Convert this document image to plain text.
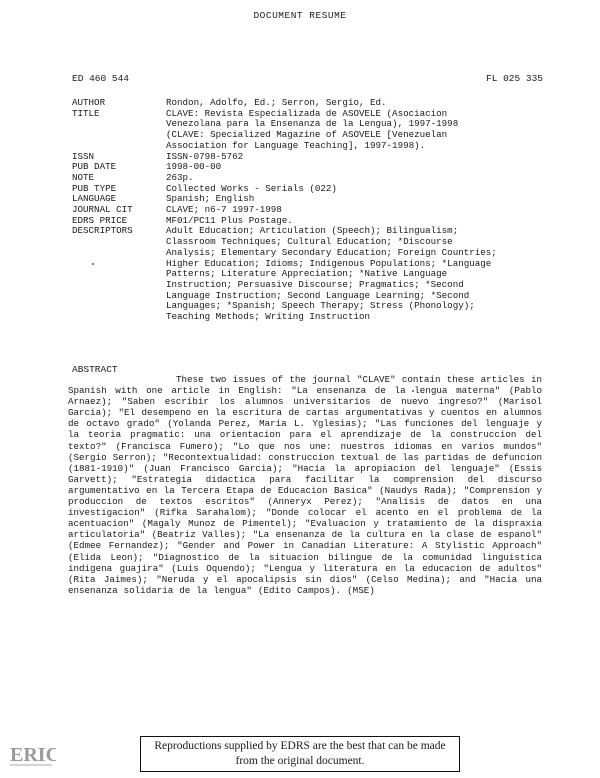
DOCUMENT RESUME
ED 460 544	FL 025 335
AUTHOR	Rondon, Adolfo, Ed.; Serron, Sergio, Ed.
TITLE	CLAVE: Revista Especializada de ASOVELE (Asociacion
Venezolana para la Ensenanza de la Lengua), 1997-1998
(CLAVE: Specialized Magazine of ASOVELE [Venezuelan
Association for Language Teaching], 1997-1998).
ISSN	ISSN-0798-5762
PUB DATE	1998-00-00
NOTE	263p.
PUB TYPE	Collected Works - Serials (022)
LANGUAGE	Spanish; English
JOURNAL CIT	CLAVE; n6-7 1997-1998
EDRS PRICE	MF01/PC11 Plus Postage.
DESCRIPTORS	Adult Education; Articulation (Speech); Bilingualism;
Classroom Techniques; Cultural Education; *Discourse
Analysis; Elementary Secondary Education; Foreign Countries;
Higher Education; Idioms; Indigenous Populations; *Language
Patterns; Literature Appreciation; *Native Language
Instruction; Persuasive Discourse; Pragmatics; *Second
Language Instruction; Second Language Learning; *Second
Languages; *Spanish; Speech Therapy; Stress (Phonology);
Teaching Methods; Writing Instruction
ABSTRACT
These two issues of the journal "CLAVE" contain these articles in Spanish with one article in English: "La ensenanza de la lengua materna" (Pablo Arnaez); "Saben escribir los alumnos universitarios de nuevo ingreso?" (Marisol Garcia); "El desempeno en la escritura de cartas argumentativas y cuentos en alumnos de octavo grado" (Yolanda Perez, Maria L. Yglesias); "Las funciones del lenguaje y la teoria pragmatic: una orientacion para el aprendizaje de la construccion del texto?" (Francisca Fumero); "Lo que nos une: nuestros idiomas en varios mundos" (Sergio Serron); "Recontextualidad: construccion textual de las partidas de defuncion (1881-1910)" (Juan Francisco Garcia); "Hacia la apropiacion del lenguaje" (Essis Garvett); "Estrategia didactica para facilitar la comprension del discurso argumentativo en la Tercera Etapa de Educacion Basica" (Naudys Rada); "Comprension y produccion de textos escritos" (Anneryx Perez); "Analisis de datos en una investigacion" (Rifka Sarahalom); "Donde colocar el acento en el problema de la acentuacion" (Magaly Munoz de Pimentel); "Evaluacion y tratamiento de la dispraxia articulatoria" (Beatriz Valles); "La ensenanza de la cultura en la clase de espanol" (Edmee Fernandez); "Gender and Power in Canadian Literature: A Stylistic Approach" (Elida Leon); "Diagnostico de la situacion bilingue de la comunidad linguistica indigena guajira" (Luis Oquendo); "Lengua y literatura en la educacion de adultos" (Rita Jaimes); "Neruda y el apocalipsis sin dios" (Celso Medina); and "Hacia una ensenanza solidaria de la lengua" (Edito Campos). (MSE)
ERIC	Reproductions supplied by EDRS are the best that can be made
from the original document.
